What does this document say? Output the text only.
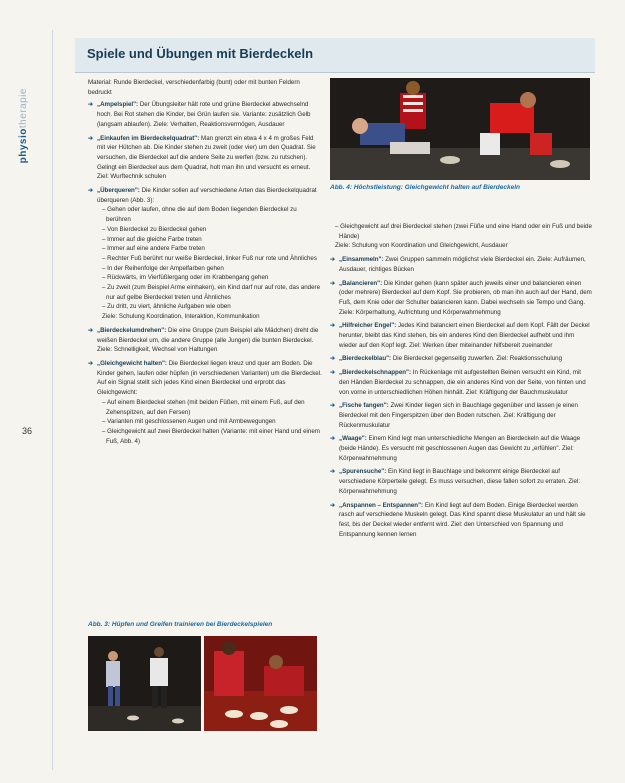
physiotherapie
36
Spiele und Übungen mit Bierdeckeln

Material: Runde Bierdeckel, verschiedenfarbig (bunt) oder mit bunten Feldern bedruckt

➔ „Ampelspiel": Der Übungsleiter hält rote und grüne Bierdeckel abwechselnd hoch. Bei Rot stehen die Kinder, bei Grün laufen sie. Variante: zusätzlich Gelb (langsam ablaufen). Ziele: Verhalten, Reaktionsvermögen, Ausdauer
➔ „Einkaufen im Bierdeckelquadrat": Man grenzt ein etwa 4 x 4 m großes Feld mit vier Hütchen ab. Die Kinder stehen zu zweit (oder vier) um den Quadrat. Sie versuchen, die Bierdeckel auf die andere Seite zu werfen (bzw. zu rutschen). Gelingt ein Bierdeckel aus dem Quadrat, holt man ihn und versucht es erneut. Ziel: Wurftechnik schulen
➔ „Überqueren": Die Kinder sollen auf verschiedene Arten das Bierdeckelquadrat überqueren (Abb. 3):
– Gehen oder laufen, ohne die auf dem Boden liegenden Bierdeckel zu berühren
– Von Bierdeckel zu Bierdeckel gehen
– Immer auf die gleiche Farbe treten
– Immer auf eine andere Farbe treten
– Rechter Fuß berührt nur weiße Bierdeckel, linker Fuß nur rote und Ähnliches
– In der Reihenfolge der Ampelfarben gehen
– Rückwärts, im Vierfüßlergang oder im Krabbengang gehen
– Zu zweit (zum Beispiel Arme einhaken), ein Kind darf nur auf rote, das andere nur auf gelbe Bierdeckel treten und Ähnliches
– Zu dritt, zu viert, ähnliche Aufgaben wie oben
Ziele: Schulung Koordination, Interaktion, Kommunikation
➔ „Bierdeckelumdrehen": Die eine Gruppe (zum Beispiel alle Mädchen) dreht die weißen Bierdeckel um, die andere Gruppe (alle Jungen) die bunten Bierdeckel. Ziele: Schnelligkeit, Wechsel von Haltungen
➔ „Gleichgewicht halten": Die Bierdeckel liegen kreuz und quer am Boden. Die Kinder gehen, laufen oder hüpfen (in verschiedenen Varianten) um die Bierdeckel. Auf ein Signal stellt sich jedes Kind einen Bierdeckel und erprobt das Gleichgewicht:
– Auf einem Bierdeckel stehen (mit beiden Füßen, mit einem Fuß, auf den Zehenspitzen, auf den Fersen)
– Varianten mit geschlossenen Augen und mit Armbewegungen
– Gleichgewicht auf zwei Bierdeckel halten (Variante: mit einer Hand und einem Fuß, Abb. 4)
Abb. 4: Höchstleistung: Gleichgewicht halten auf Bierdeckeln
– Gleichgewicht auf drei Bierdeckel stehen (zwei Füße und eine Hand oder ein Fuß und beide Hände)
Ziele: Schulung von Koordination und Gleichgewicht, Ausdauer
➔ „Einsammeln": Zwei Gruppen sammeln möglichst viele Bierdeckel ein. Ziele: Aufräumen, Ausdauer, richtiges Bücken
➔ „Balancieren": Die Kinder gehen (kann später auch jeweils einer und balancieren einen (oder mehrere) Bierdeckel auf dem Kopf. Sie probieren, ob man ihn auch auf der Hand, dem Fuß, dem Knie oder der Schulter balancieren kann. Dabei wechseln sie Tempo und Gang. Ziele: Körperhaltung, Aufrichtung und Körperwahrnehmung
➔ „Hilfreicher Engel": Jedes Kind balanciert einen Bierdeckel auf dem Kopf. Fällt der Deckel herunter, bleibt das Kind stehen, bis ein anderes Kind den Bierdeckel aufhebt und ihm wieder auf den Kopf legt. Ziel: Werken über miteinander hilfsbereit zueinander
➔ „Bierdeckelblau": Die Bierdeckel gegenseitig zuwerfen. Ziel: Reaktionsschulung
➔ „Bierdeckelschnappen": In Rückenlage mit aufgestellten Beinen versucht ein Kind, mit den Händen Bierdeckel zu schnappen, die ein anderes Kind von der Seite, von hinten und von vorne in unterschiedlichen Höhen hinhält. Ziel: Kräftigung der Bauchmuskulatur
➔ „Fische fangen": Zwei Kinder liegen sich in Bauchlage gegenüber und lassen je einen Bierdeckel mit den Fingerspitzen über den Boden rutschen. Ziel: Kräftigung der Rückenmuskulatur
➔ „Waage": Einem Kind legt man unterschiedliche Mengen an Bierdeckeln auf die Waage (beide Hände). Es versucht mit geschlossenen Augen das Gewicht zu „erfühlen". Ziel: Körperwahrnehmung
➔ „Spurensuche": Ein Kind liegt in Bauchlage und bekommt einige Bierdeckel auf verschiedene Körperteile gelegt. Es muss versuchen, diese fallen sofort zu erraten. Ziel: Körperwahrnehmung
➔ „Anspannen – Entspannen": Ein Kind liegt auf dem Boden. Einige Bierdeckel werden rasch auf verschiedene Muskeln gelegt. Das Kind spannt diese Muskulatur an und hält sie fest, bis der Deckel wieder entfernt wird. Ziel: den Unterschied von Spannung und Entspannung kennen lernen
Abb. 3: Hüpfen und Greifen trainieren bei Bierdeckelspielen
